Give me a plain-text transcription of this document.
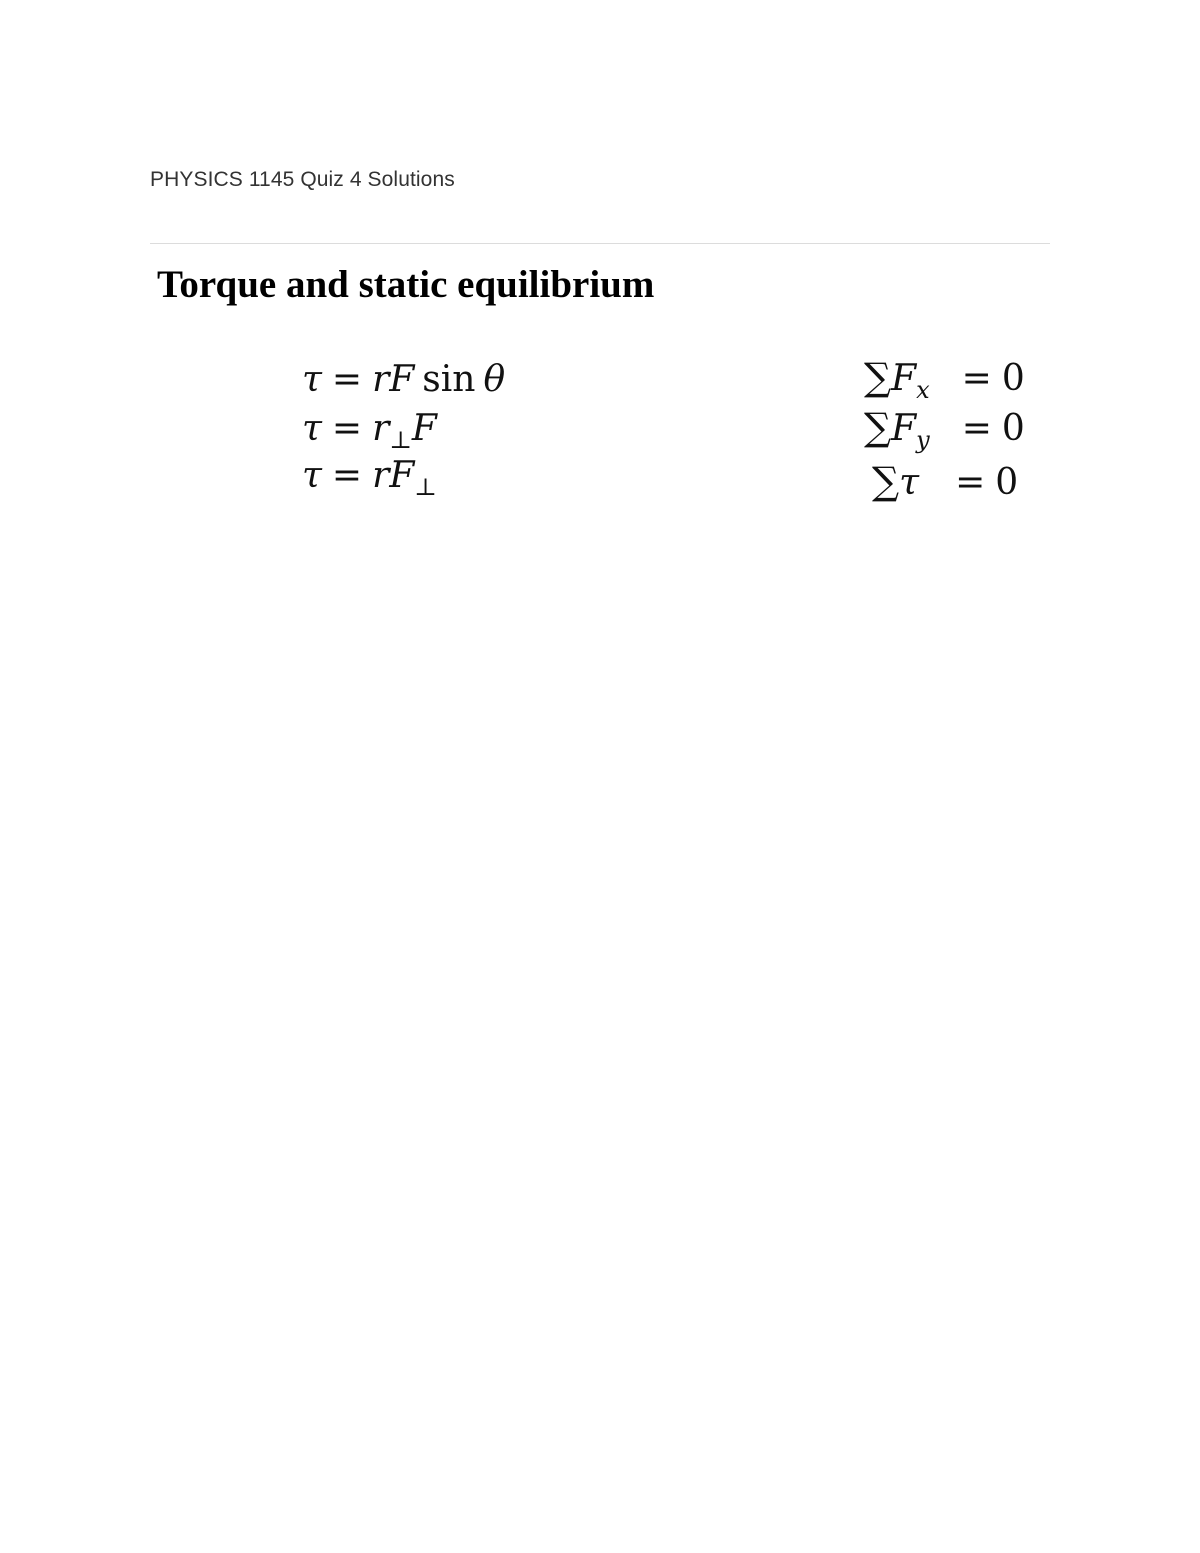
PHYSICS 1145 Quiz 4 Solutions
Torque and static equilibrium
τ = rF sin θ
$\tau = r_\perp F$
$\tau = rF_\perp$
$\sum F_x = 0$
$\sum F_y = 0$
∑τ = 0
